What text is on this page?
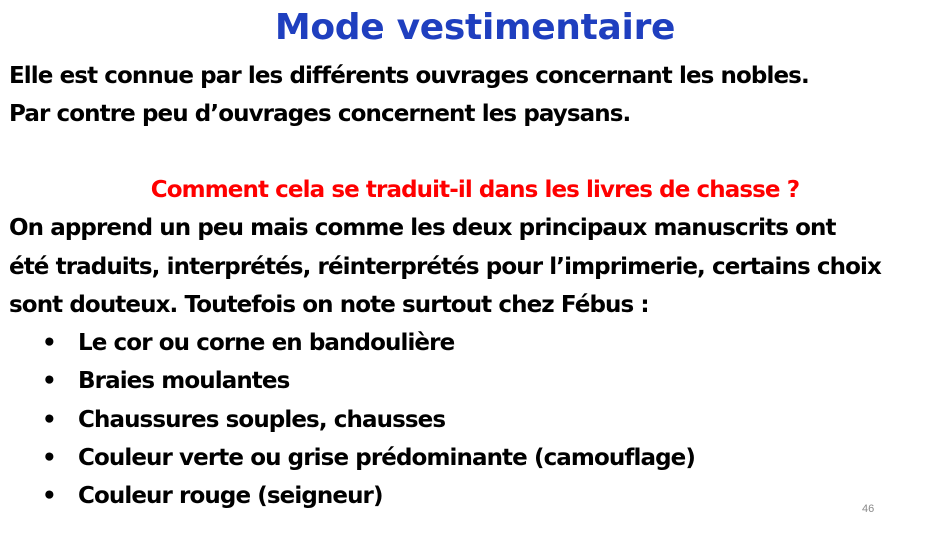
Mode vestimentaire
Elle est connue par les différents ouvrages concernant les nobles.
Par contre peu d’ouvrages concernent les paysans.
Comment cela se traduit-il dans les livres de chasse ?
On apprend un peu mais comme les deux principaux manuscrits ont
été traduits, interprétés, réinterprétés pour l’imprimerie, certains choix
sont douteux. Toutefois on note surtout chez Fébus :
• Le cor ou corne en bandoulière
• Braies moulantes
• Chaussures souples, chausses
• Couleur verte ou grise prédominante (camouflage)
• Couleur rouge (seigneur)	46
